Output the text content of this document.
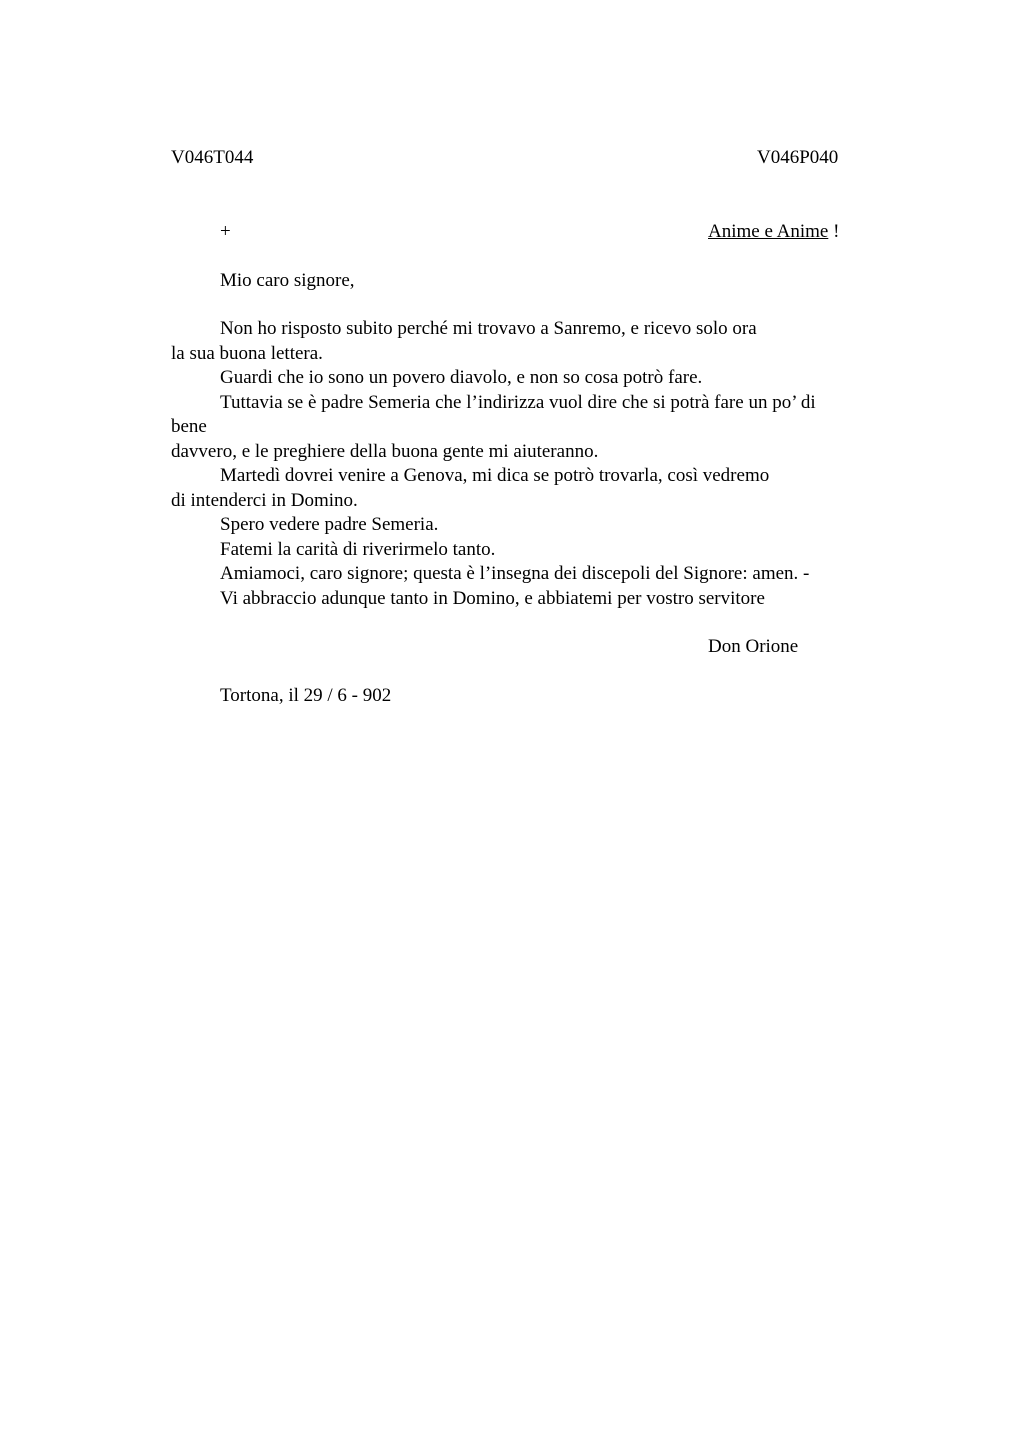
V046T044	V046P040
+	Anime e Anime !
Mio caro signore,
Non ho risposto subito perché mi trovavo a Sanremo, e ricevo solo ora
la sua buona lettera.
Guardi che io sono un povero diavolo, e non so cosa potrò fare.
Tuttavia se è padre Semeria che l’indirizza vuol dire che si potrà fare un po’ di
bene
davvero, e le preghiere della buona gente mi aiuteranno.
Martedì dovrei venire a Genova, mi dica se potrò trovarla, così vedremo
di intenderci in Domino.
Spero vedere padre Semeria.
Fatemi la carità di riverirmelo tanto.
Amiamoci, caro signore; questa è l’insegna dei discepoli del Signore: amen. -
Vi abbraccio adunque tanto in Domino, e abbiatemi per vostro servitore
Don Orione
Tortona, il 29 / 6 - 902
